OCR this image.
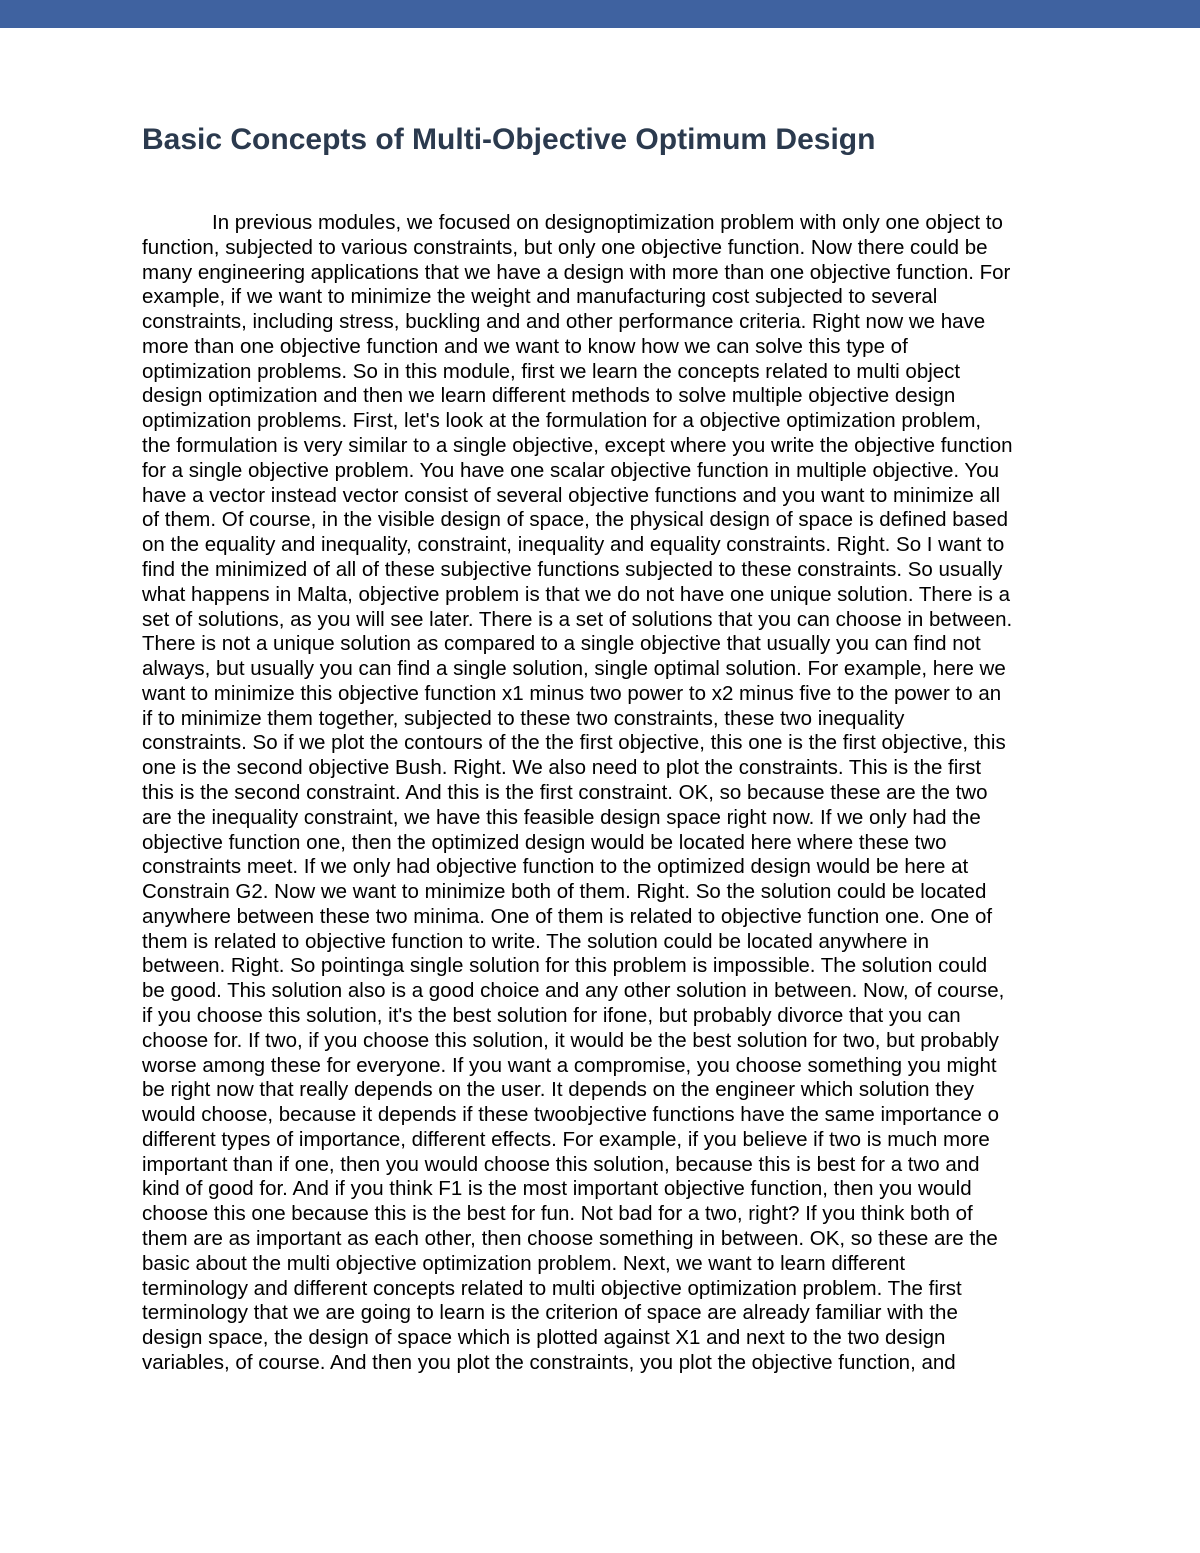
Basic Concepts of Multi-Objective Optimum Design
In previous modules, we focused on designoptimization problem with only one object to
function, subjected to various constraints, but only one objective function. Now there could be
many engineering applications that we have a design with more than one objective function. For
example, if we want to minimize the weight and manufacturing cost subjected to several
constraints, including stress, buckling and and other performance criteria. Right now we have
more than one objective function and we want to know how we can solve this type of
optimization problems. So in this module, first we learn the concepts related to multi object
design optimization and then we learn different methods to solve multiple objective design
optimization problems. First, let's look at the formulation for a objective optimization problem,
the formulation is very similar to a single objective, except where you write the objective function
for a single objective problem. You have one scalar objective function in multiple objective. You
have a vector instead vector consist of several objective functions and you want to minimize all
of them. Of course, in the visible design of space, the physical design of space is defined based
on the equality and inequality, constraint, inequality and equality constraints. Right. So I want to
find the minimized of all of these subjective functions subjected to these constraints. So usually
what happens in Malta, objective problem is that we do not have one unique solution. There is a
set of solutions, as you will see later. There is a set of solutions that you can choose in between.
There is not a unique solution as compared to a single objective that usually you can find not
always, but usually you can find a single solution, single optimal solution. For example, here we
want to minimize this objective function x1 minus two power to x2 minus five to the power to an
if to minimize them together, subjected to these two constraints, these two inequality
constraints. So if we plot the contours of the the first objective, this one is the first objective, this
one is the second objective Bush. Right. We also need to plot the constraints. This is the first
this is the second constraint. And this is the first constraint. OK, so because these are the two
are the inequality constraint, we have this feasible design space right now. If we only had the
objective function one, then the optimized design would be located here where these two
constraints meet. If we only had objective function to the optimized design would be here at
Constrain G2. Now we want to minimize both of them. Right. So the solution could be located
anywhere between these two minima. One of them is related to objective function one. One of
them is related to objective function to write. The solution could be located anywhere in
between. Right. So pointinga single solution for this problem is impossible. The solution could
be good. This solution also is a good choice and any other solution in between. Now, of course,
if you choose this solution, it's the best solution for ifone, but probably divorce that you can
choose for. If two, if you choose this solution, it would be the best solution for two, but probably
worse among these for everyone. If you want a compromise, you choose something you might
be right now that really depends on the user. It depends on the engineer which solution they
would choose, because it depends if these twoobjective functions have the same importance o
different types of importance, different effects. For example, if you believe if two is much more
important than if one, then you would choose this solution, because this is best for a two and
kind of good for. And if you think F1 is the most important objective function, then you would
choose this one because this is the best for fun. Not bad for a two, right? If you think both of
them are as important as each other, then choose something in between. OK, so these are the
basic about the multi objective optimization problem. Next, we want to learn different
terminology and different concepts related to multi objective optimization problem. The first
terminology that we are going to learn is the criterion of space are already familiar with the
design space, the design of space which is plotted against X1 and next to the two design
variables, of course. And then you plot the constraints, you plot the objective function, and
